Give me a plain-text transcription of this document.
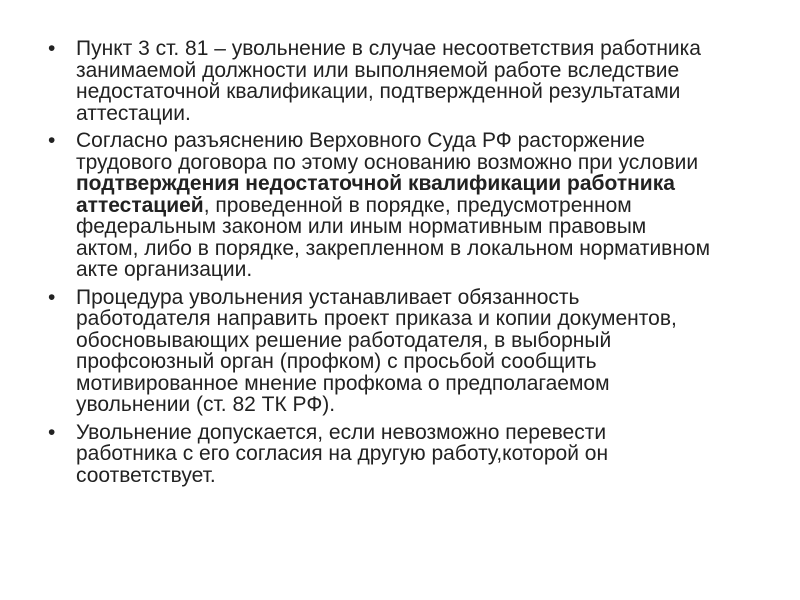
• Пункт 3 ст. 81 – увольнение в случае несоответствия работника
занимаемой должности или выполняемой работе вследствие
недостаточной квалификации, подтвержденной результатами
аттестации.
• Согласно разъяснению Верховного Суда РФ расторжение
трудового договора по этому основанию возможно при условии
подтверждения недостаточной квалификации работника
аттестацией, проведенной в порядке, предусмотренном
федеральным законом или иным нормативным правовым
актом, либо в порядке, закрепленном в локальном нормативном
акте организации.
• Процедура увольнения устанавливает обязанность
работодателя направить проект приказа и копии документов,
обосновывающих решение работодателя, в выборный
профсоюзный орган (профком) с просьбой сообщить
мотивированное мнение профкома о предполагаемом
увольнении (ст. 82 ТК РФ).
• Увольнение допускается, если невозможно перевести
работника с его согласия на другую работу,которой он
соответствует.
